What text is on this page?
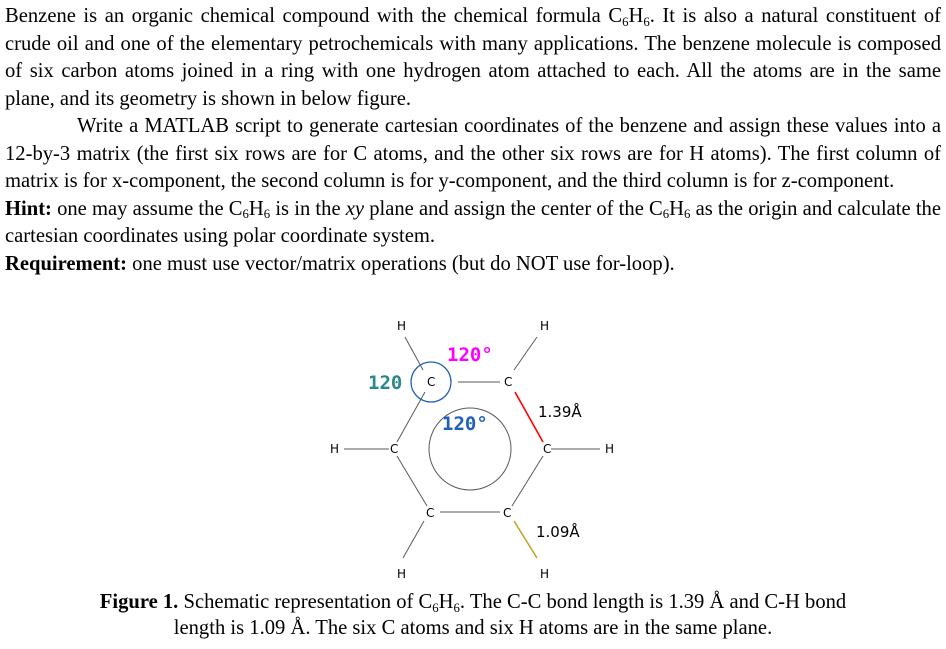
Benzene is an organic chemical compound with the chemical formula C6H6. It is also a natural constituent of crude oil and one of the elementary petrochemicals with many applications. The benzene molecule is composed of six carbon atoms joined in a ring with one hydrogen atom attached to each. All the atoms are in the same plane, and its geometry is shown in below figure.

Write a MATLAB script to generate cartesian coordinates of the benzene and assign these values into a 12-by-3 matrix (the first six rows are for C atoms, and the other six rows are for H atoms). The first column of matrix is for x-component, the second column is for y-component, and the third column is for z-component.

Hint: one may assume the C6H6 is in the xy plane and assign the center of the C6H6 as the origin and calculate the cartesian coordinates using polar coordinate system.

Requirement: one must use vector/matrix operations (but do NOT use for-loop).

C	C
C	C
C	C
H	H
H	H
H	H
120°
120
120°
1.39Å
1.09Å

Figure 1. Schematic representation of C6H6. The C-C bond length is 1.39 Å and C-H bond

length is 1.09 Å. The six C atoms and six H atoms are in the same plane.
